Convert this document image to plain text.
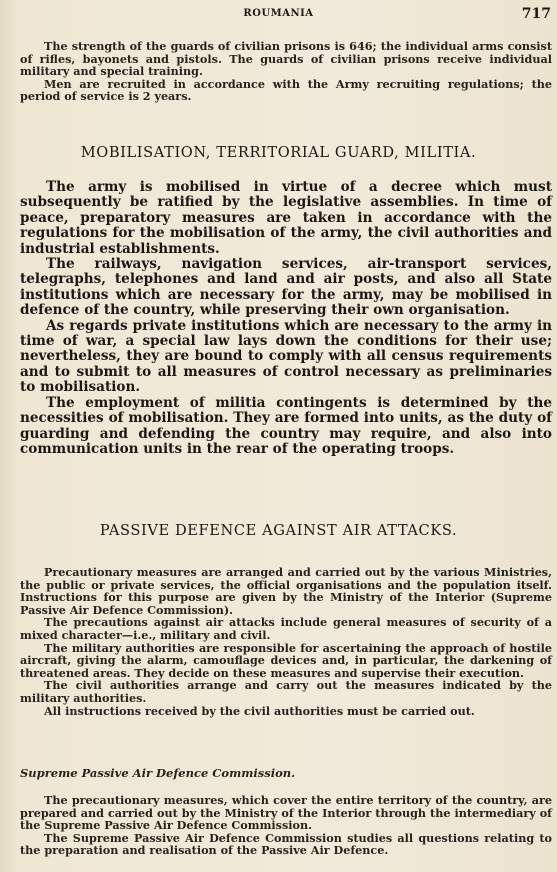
ROUMANIA	717

The strength of the guards of civilian prisons is 646; the individual arms consist of rifles, bayonets and pistols. The guards of civilian prisons receive individual military and special training.

Men are recruited in accordance with the Army recruiting regulations; the period of service is 2 years.

MOBILISATION, TERRITORIAL GUARD, MILITIA.

The army is mobilised in virtue of a decree which must subsequently be ratified by the legislative assemblies. In time of peace, preparatory measures are taken in accordance with the regulations for the mobilisation of the army, the civil authorities and industrial establishments.

The railways, navigation services, air-transport services, telegraphs, telephones and land and air posts, and also all State institutions which are necessary for the army, may be mobilised in defence of the country, while preserving their own organisation.

As regards private institutions which are necessary to the army in time of war, a special law lays down the conditions for their use; nevertheless, they are bound to comply with all census requirements and to submit to all measures of control necessary as preliminaries to mobilisation.

The employment of militia contingents is determined by the necessities of mobilisation. They are formed into units, as the duty of guarding and defending the country may require, and also into communication units in the rear of the operating troops.

PASSIVE DEFENCE AGAINST AIR ATTACKS.

Precautionary measures are arranged and carried out by the various Ministries, the public or private services, the official organisations and the population itself. Instructions for this purpose are given by the Ministry of the Interior (Supreme Passive Air Defence Commission).

The precautions against air attacks include general measures of security of a mixed character—i.e., military and civil.

The military authorities are responsible for ascertaining the approach of hostile aircraft, giving the alarm, camouflage devices and, in particular, the darkening of threatened areas. They decide on these measures and supervise their execution.

The civil authorities arrange and carry out the measures indicated by the military authorities.

All instructions received by the civil authorities must be carried out.

Supreme Passive Air Defence Commission.

The precautionary measures, which cover the entire territory of the country, are prepared and carried out by the Ministry of the Interior through the intermediary of the Supreme Passive Air Defence Commission.

The Supreme Passive Air Defence Commission studies all questions relating to the preparation and realisation of the Passive Air Defence.
